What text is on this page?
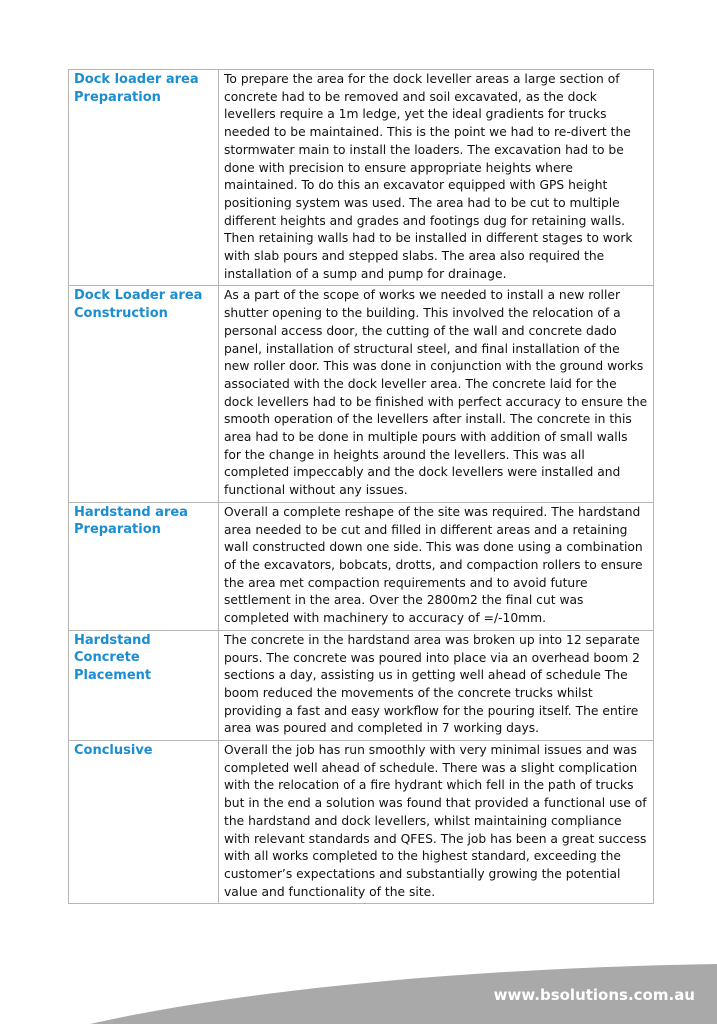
Dock loader area Preparation	To prepare the area for the dock leveller areas a large section of concrete had to be removed and soil excavated, as the dock levellers require a 1m ledge, yet the ideal gradients for trucks needed to be maintained. This is the point we had to re-divert the stormwater main to install the loaders. The excavation had to be done with precision to ensure appropriate heights where maintained. To do this an excavator equipped with GPS height positioning system was used. The area had to be cut to multiple different heights and grades and footings dug for retaining walls. Then retaining walls had to be installed in different stages to work with slab pours and stepped slabs. The area also required the installation of a sump and pump for drainage.

Dock Loader area Construction	As a part of the scope of works we needed to install a new roller shutter opening to the building. This involved the relocation of a personal access door, the cutting of the wall and concrete dado panel, installation of structural steel, and final installation of the new roller door. This was done in conjunction with the ground works associated with the dock leveller area. The concrete laid for the dock levellers had to be finished with perfect accuracy to ensure the smooth operation of the levellers after install. The concrete in this area had to be done in multiple pours with addition of small walls for the change in heights around the levellers. This was all completed impeccably and the dock levellers were installed and functional without any issues.

Hardstand area Preparation	Overall a complete reshape of the site was required. The hardstand area needed to be cut and filled in different areas and a retaining wall constructed down one side. This was done using a combination of the excavators, bobcats, drotts, and compaction rollers to ensure the area met compaction requirements and to avoid future settlement in the area. Over the 2800m2 the final cut was completed with machinery to accuracy of =/-10mm.

Hardstand Concrete Placement	The concrete in the hardstand area was broken up into 12 separate pours. The concrete was poured into place via an overhead boom 2 sections a day, assisting us in getting well ahead of schedule The boom reduced the movements of the concrete trucks whilst providing a fast and easy workflow for the pouring itself. The entire area was poured and completed in 7 working days.

Conclusive	Overall the job has run smoothly with very minimal issues and was completed well ahead of schedule. There was a slight complication with the relocation of a fire hydrant which fell in the path of trucks but in the end a solution was found that provided a functional use of the hardstand and dock levellers, whilst maintaining compliance with relevant standards and QFES. The job has been a great success with all works completed to the highest standard, exceeding the customer’s expectations and substantially growing the potential value and functionality of the site.

www.bsolutions.com.au
